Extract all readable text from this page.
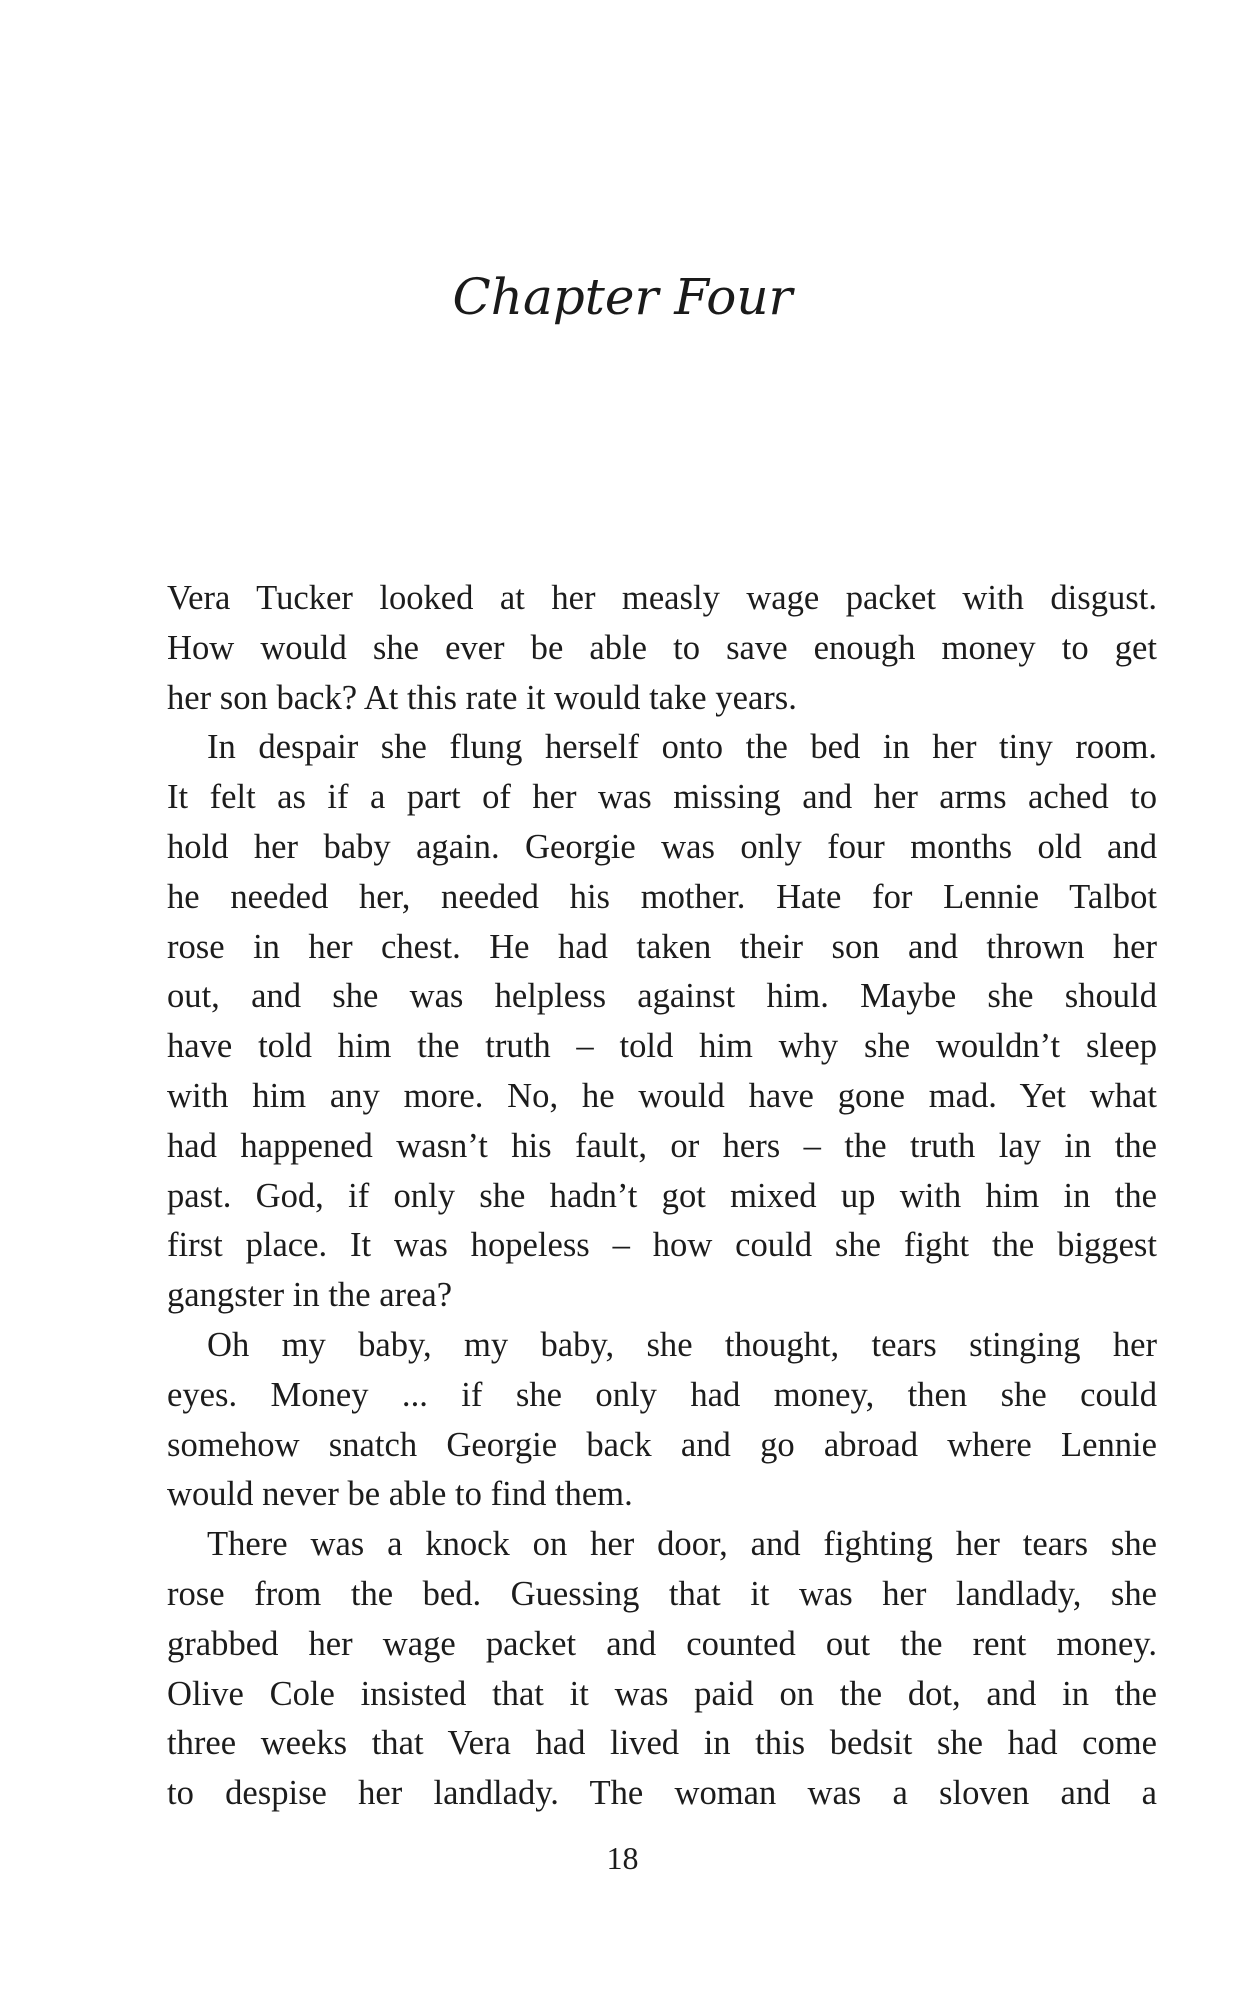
Chapter Four
Vera Tucker looked at her measly wage packet with disgust.
How would she ever be able to save enough money to get
her son back? At this rate it would take years.
In despair she flung herself onto the bed in her tiny room.
It felt as if a part of her was missing and her arms ached to
hold her baby again. Georgie was only four months old and
he needed her, needed his mother. Hate for Lennie Talbot
rose in her chest. He had taken their son and thrown her
out, and she was helpless against him. Maybe she should
have told him the truth – told him why she wouldn’t sleep
with him any more. No, he would have gone mad. Yet what
had happened wasn’t his fault, or hers – the truth lay in the
past. God, if only she hadn’t got mixed up with him in the
first place. It was hopeless – how could she fight the biggest
gangster in the area?
Oh my baby, my baby, she thought, tears stinging her
eyes. Money ... if she only had money, then she could
somehow snatch Georgie back and go abroad where Lennie
would never be able to find them.
There was a knock on her door, and fighting her tears she
rose from the bed. Guessing that it was her landlady, she
grabbed her wage packet and counted out the rent money.
Olive Cole insisted that it was paid on the dot, and in the
three weeks that Vera had lived in this bedsit she had come
to despise her landlady. The woman was a sloven and a
18
